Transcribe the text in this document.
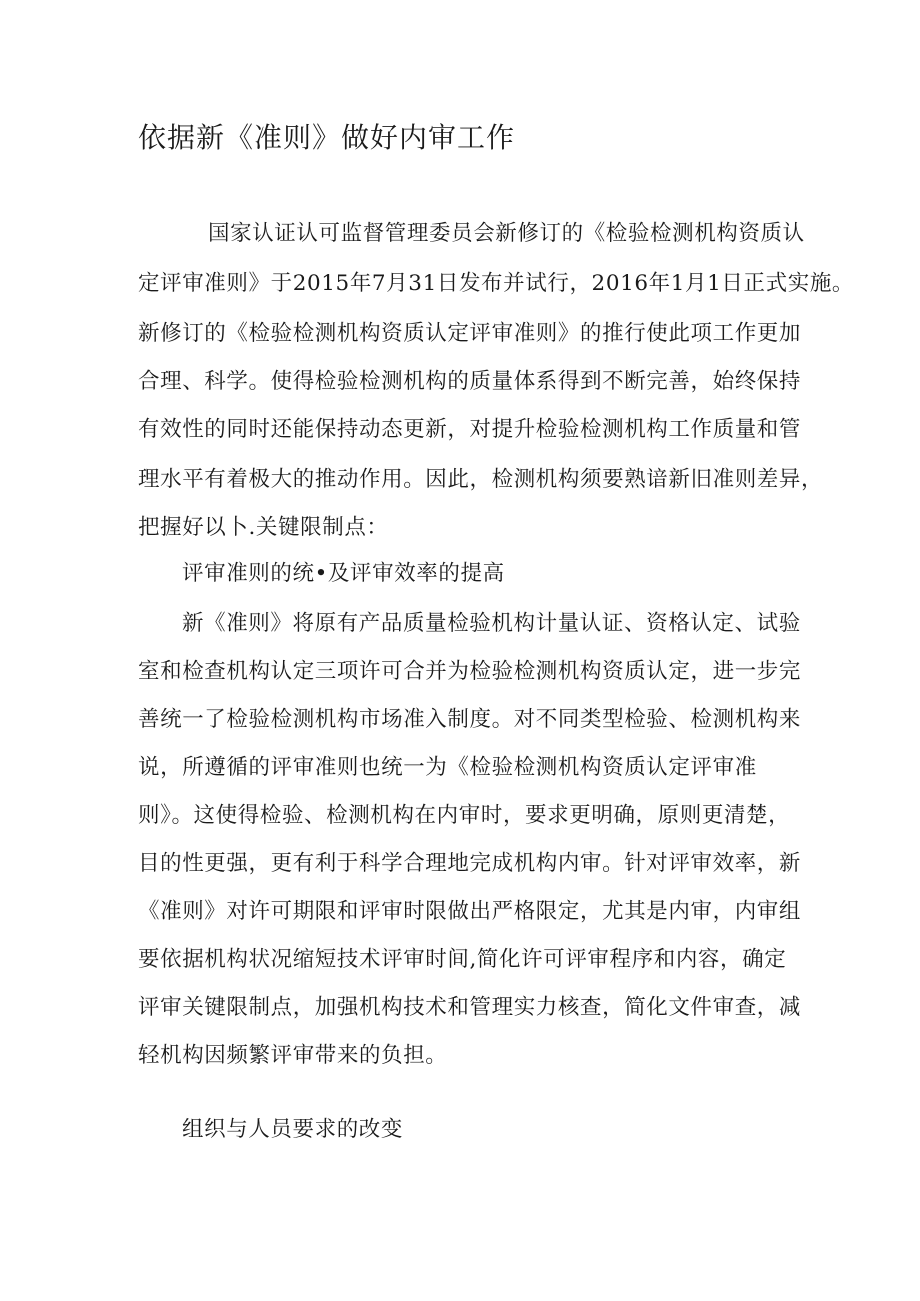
依据新《准则》做好内审工作

国家认证认可监督管理委员会新修订的《检验检测机构资质认

定评审准则》于2015年7月31日发布并试行，2016年1月1日正式实施。

新修订的《检验检测机构资质认定评审准则》的推行使此项工作更加

合理、科学。使得检验检测机构的质量体系得到不断完善，始终保持

有效性的同时还能保持动态更新，对提升检验检测机构工作质量和管

理水平有着极大的推动作用。因此，检测机构须要熟谙新旧准则差异，

把握好以卜.关键限制点：

评审准则的统•及评审效率的提高

新《准则》将原有产品质量检验机构计量认证、资格认定、试验

室和检查机构认定三项许可合并为检验检测机构资质认定，进一步完

善统一了检验检测机构市场准入制度。对不同类型检验、检测机构来

说，所遵循的评审准则也统一为《检验检测机构资质认定评审准

则》。这使得检验、检测机构在内审时，要求更明确，原则更清楚，

目的性更强，更有利于科学合理地完成机构内审。针对评审效率，新

《准则》对许可期限和评审时限做出严格限定，尤其是内审，内审组

要依据机构状况缩短技术评审时间,简化许可评审程序和内容，确定

评审关键限制点，加强机构技术和管理实力核查，简化文件审查，减

轻机构因频繁评审带来的负担。

组织与人员要求的改变
